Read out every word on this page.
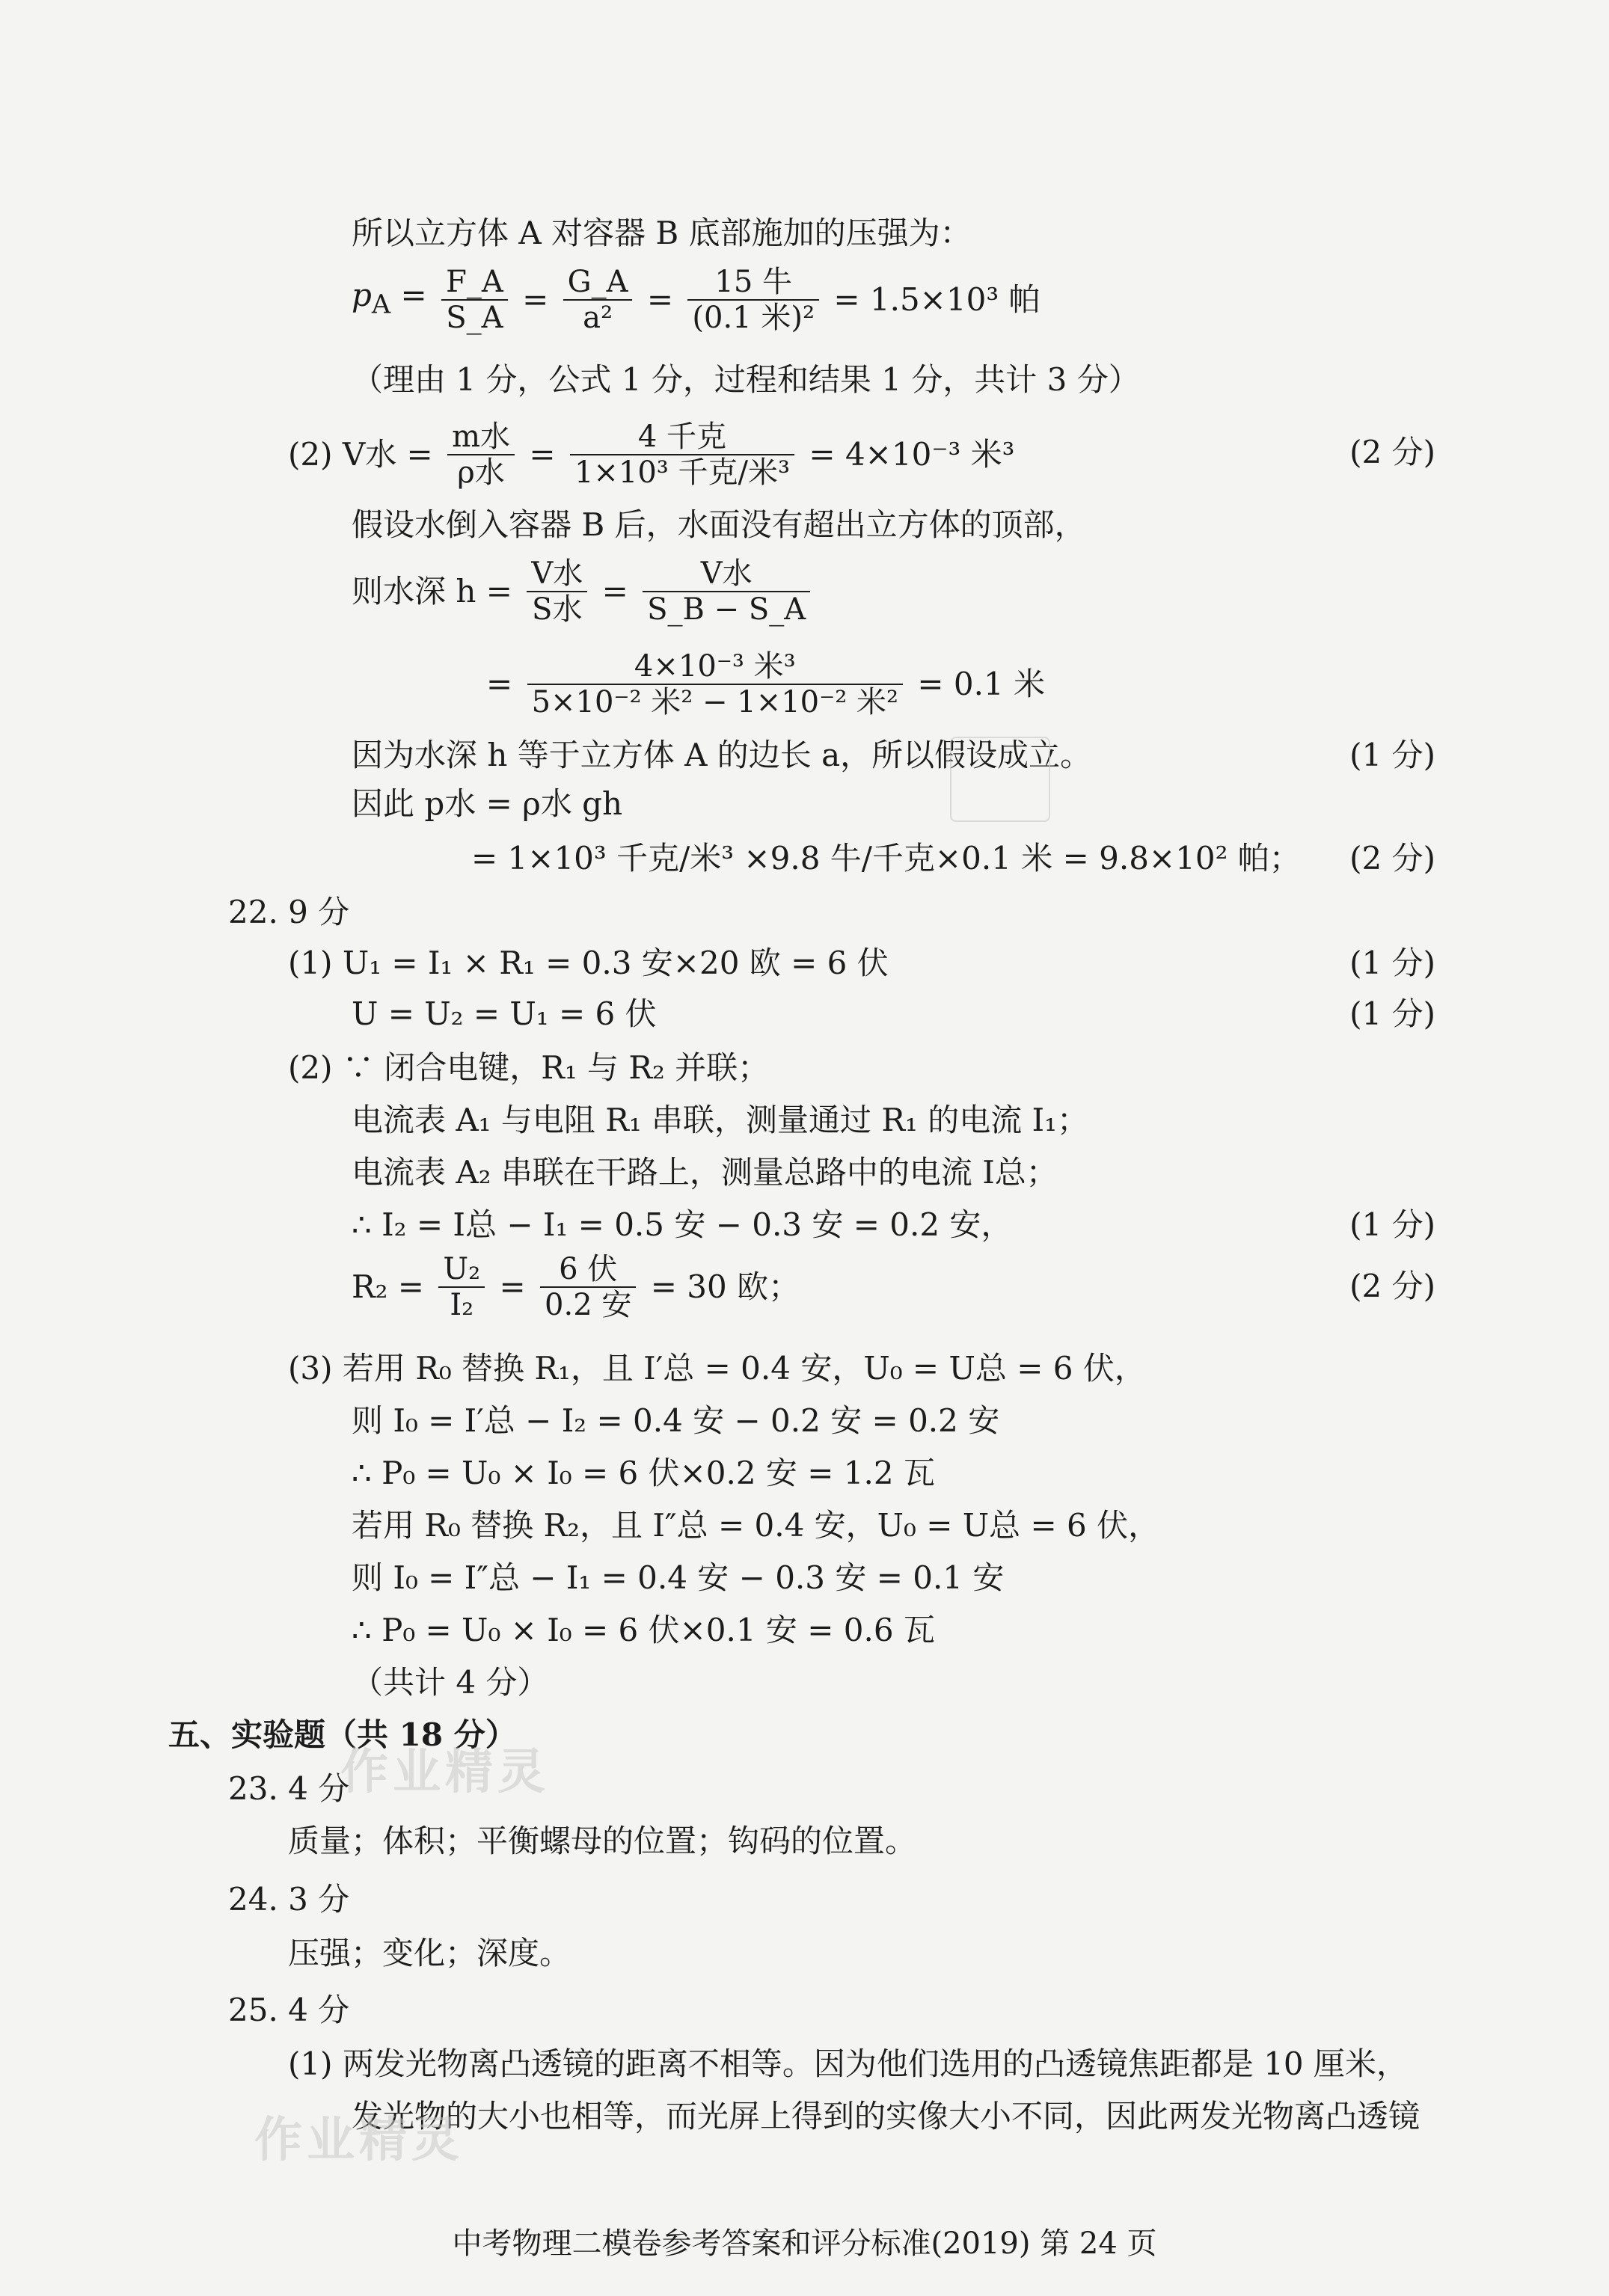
所以立方体 A 对容器 B 底部施加的压强为：
$p_A = \frac{F\_A}{S\_A} = \frac{G\_A}{\text{a²}} = \frac{\text{15 牛}}{\text{(0.1 米)²}} = 1.5\times 10^3$ 帕
（理由 1 分，公式 1 分，过程和结果 1 分，共计 3 分）
(2) V水 = $\frac{\text{m水}}{\text{ρ水}} = \frac{\text{4 千克}}{\text{1×10³ 千克/米³}} = 4\times 10^{-3}$ 米³	(2 分)
假设水倒入容器 B 后，水面没有超出立方体的顶部，
则水深 $h = \frac{\text{V水}}{\text{S水}} = \frac{\text{V水}}{S\_B - S\_A}$
= $\frac{\text{4×10⁻³ 米³}}{\text{5×10⁻² 米² − 1×10⁻² 米²}} = 0.1$ 米
因为水深 h 等于立方体 A 的边长 a，所以假设成立。	(1 分)
因此 p水 = ρ水 gh
= 1×10³ 千克/米³ ×9.8 牛/千克×0.1 米 = 9.8×10² 帕； (2 分)
22. 9 分
(1) U₁ = I₁ × R₁ = 0.3 安×20 欧 = 6 伏	(1 分)
U = U₂ = U₁ = 6 伏	(1 分)
(2) ∵ 闭合电键，R₁ 与 R₂ 并联；
电流表 A₁ 与电阻 R₁ 串联，测量通过 R₁ 的电流 I₁；
电流表 A₂ 串联在干路上，测量总路中的电流 I总；
∴ I₂ = I总 − I₁ = 0.5 安 − 0.3 安 = 0.2 安，	(1 分)
$R_2 = \frac{\text{U₂}}{\text{I₂}} = \frac{\text{6 伏}}{\text{0.2 安}} = 30$ 欧；	(2 分)
(3) 若用 R₀ 替换 R₁，且 I′总 = 0.4 安，U₀ = U总 = 6 伏，
则 I₀ = I′总 − I₂ = 0.4 安 − 0.2 安 = 0.2 安
∴ P₀ = U₀ × I₀ = 6 伏×0.2 安 = 1.2 瓦
若用 R₀ 替换 R₂，且 I″总 = 0.4 安，U₀ = U总 = 6 伏，
则 I₀ = I″总 − I₁ = 0.4 安 − 0.3 安 = 0.1 安
∴ P₀ = U₀ × I₀ = 6 伏×0.1 安 = 0.6 瓦
（共计 4 分）
五、实验题（共 18 分）
23. 4 分
质量；体积；平衡螺母的位置；钩码的位置。
24. 3 分
压强；变化；深度。
25. 4 分
(1) 两发光物离凸透镜的距离不相等。因为他们选用的凸透镜焦距都是 10 厘米，
发光物的大小也相等，而光屏上得到的实像大小不同，因此两发光物离凸透镜
中考物理二模卷参考答案和评分标准(2019) 第 24 页
作业精灵
作业精灵
